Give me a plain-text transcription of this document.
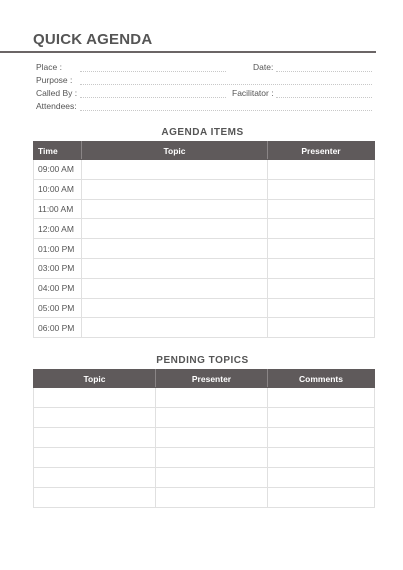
QUICK AGENDA
Place :	Date:
Purpose :
Called By :	Facilitator :
Attendees:
AGENDA ITEMS
Time	Topic	Presenter
09:00 AM		
10:00 AM		
11:00 AM		
12:00 AM		
01:00 PM		
03:00 PM		
04:00 PM		
05:00 PM		
06:00 PM		
PENDING TOPICS
Topic	Presenter	Comments
